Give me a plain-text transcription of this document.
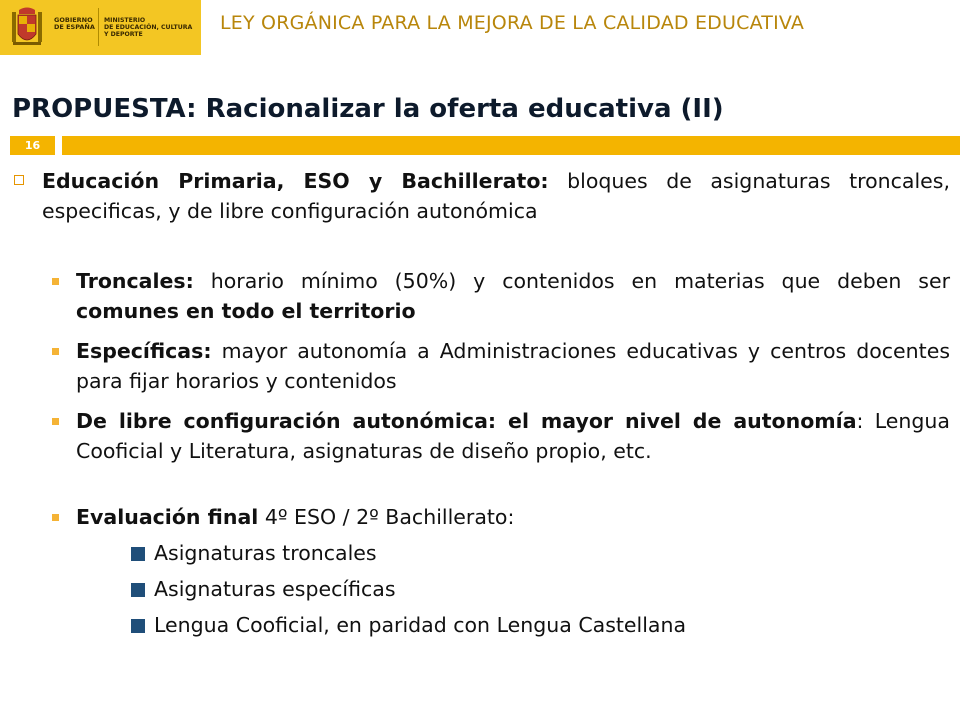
GOBIERNO
DE ESPAÑA
MINISTERIO
DE EDUCACIÓN, CULTURA
Y DEPORTE
LEY ORGÁNICA PARA LA MEJORA DE LA CALIDAD EDUCATIVA
PROPUESTA: Racionalizar la oferta educativa (II)
16
Educación Primaria, ESO y Bachillerato: bloques de asignaturas troncales, especificas, y de libre configuración autonómica
Troncales: horario mínimo (50%) y contenidos en materias que deben ser comunes en todo el territorio
Específicas: mayor autonomía a Administraciones educativas y centros docentes para fijar horarios y contenidos
De libre configuración autonómica: el mayor nivel de autonomía: Lengua Cooficial y Literatura, asignaturas de diseño propio, etc.
Evaluación final 4º ESO / 2º Bachillerato:
Asignaturas troncales
Asignaturas específicas
Lengua Cooficial, en paridad con Lengua Castellana
